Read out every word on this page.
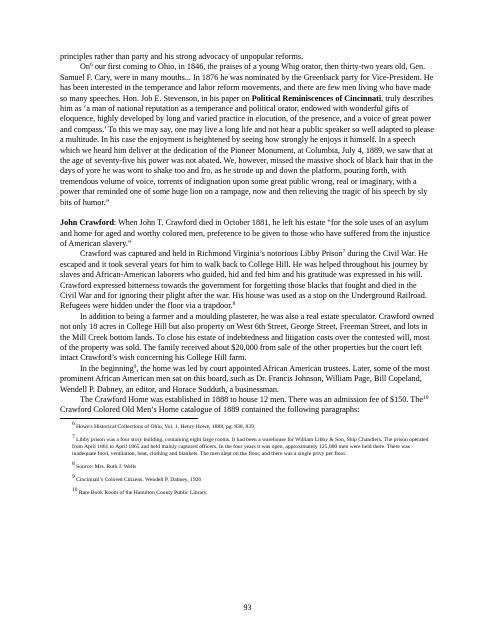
principles rather than party and his strong advocacy of unpopular reforms.

On$^6$ our first coming to Ohio, in 1846, the praises of a young Whig orator, then thirty-two years old, Gen. Samuel F. Cary, were in many mouths... In 1876 he was nominated by the Greenback party for Vice-President. He has been interested in the temperance and labor reform movements, and there are few men living who have made so many speeches. Hon. Job E. Stevenson, in his paper on Political Reminiscences of Cincinnati, truly describes him as ‘a man of national reputation as a temperance and political orator, endowed with wonderful gifts of eloquence, highly developed by long and varied practice in elocution, of the presence, and a voice of great power and compass.’ To this we may say, one may live a long life and not hear a public speaker so well adapted to please a multitude. In his case the enjoyment is heightened by seeing how strongly he enjoys it himself. In a speech which we heard him deliver at the dedication of the Pioneer Monument, at Columbia, July 4, 1889, we saw that at the age of seventy-five his power was not abated. We, however, missed the massive shock of black hair that in the days of yore he was wont to shake too and fro, as he strode up and down the platform, pouring forth, with tremendous volume of voice, torrents of indignation upon some great public wrong, real or imaginary, with a power that reminded one of some huge lion on a rampage, now and then relieving the tragic of his speech by sly bits of humor.”

John Crawford: When John T. Crawford died in October 1881, he left his estate “for the sole uses of an asylum and home for aged and worthy colored men, preference to be given to those who have suffered from the injustice of American slavery.”

Crawford was captured and held in Richmond Virginia’s notorious Libby Prison$^7$ during the Civil War. He escaped and it took several years for him to walk back to College Hill. He was helped throughout his journey by slaves and African-American laborers who guided, hid and fed him and his gratitude was expressed in his will. Crawford expressed bitterness towards the government for forgetting those blacks that fought and died in the Civil War and for ignoring their plight after the war. His house was used as a stop on the Underground Railroad. Refugees were hidden under the floor via a trapdoor.$^8$

In addition to being a farmer and a moulding plasterer, he was also a real estate speculator. Crawford owned not only 18 acres in College Hill but also property on West 6th Street, George Street, Freeman Street, and lots in the Mill Creek bottom lands. To close his estate of indebtedness and litigation costs over the contested will, most of the property was sold. The family received about $20,000 from sale of the other properties but the court left intact Crawford’s wish concerning his College Hill farm.

In the beginning$^9$, the home was led by court appointed African American trustees. Later, some of the most prominent African American men sat on this board, such as Dr. Francis Johnson, William Page, Bill Copeland, Wendell P. Dabney, an editor, and Horace Sudduth, a businessman.

The Crawford Home was established in 1888 to house 12 men. There was an admission fee of $150. The$^{10}$ Crawford Colored Old Men’s Home catalogue of 1889 contained the following paragraphs:

$^6$ Howe's Historical Collections of Ohio, Vol. 1, Henry Howe, 1888, pg. 838, 839

$^7$ Libby prison was a four story building, containing eight large rooms. It had been a warehouse for William Libby & Son, Ship Chandlers. The prison operated from April 1861 to April 1865 and held mainly captured officers. In the four years it was open, approximately 125,000 men were held there. There was inadequate food, ventilation, heat, clothing and blankets. The men slept on the floor, and there was a single privy per floor.

$^8$ Source: Mrs. Ruth J. Wells

$^9$ Cincinnati’s Colored Citizens, Wendell P. Dabney, 1926

$^{10}$ Rare Book Room of the Hamilton County Public Library.

93
